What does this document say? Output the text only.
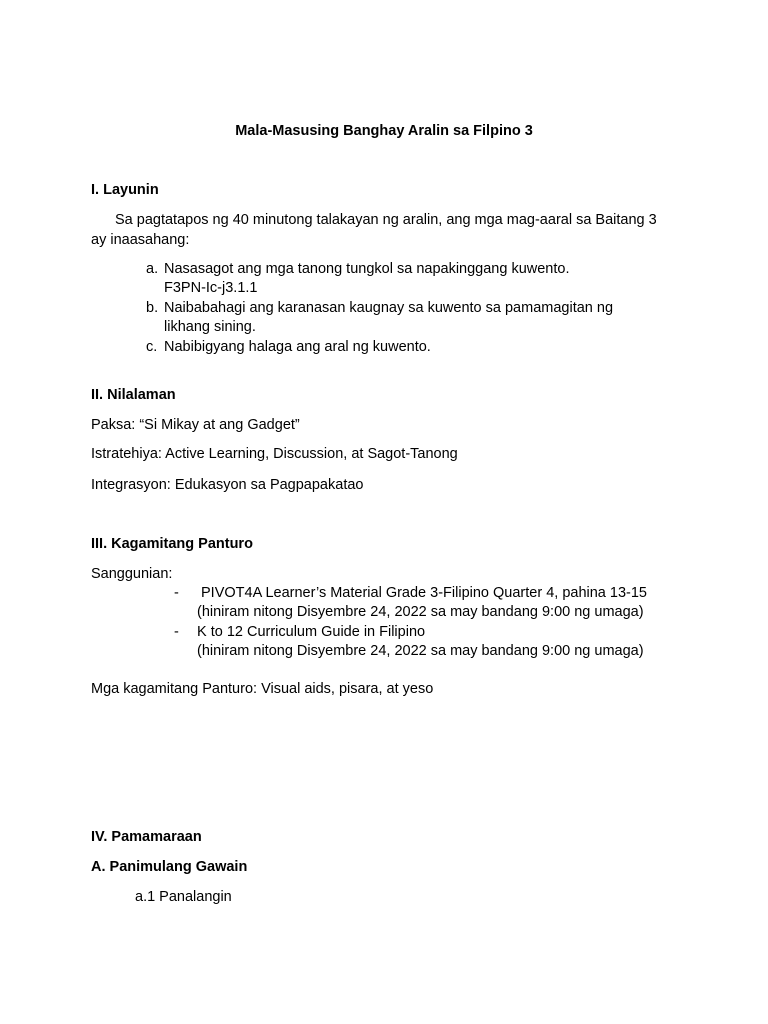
Mala-Masusing Banghay Aralin sa Filpino 3
I. Layunin
Sa pagtatapos ng 40 minutong talakayan ng aralin, ang mga mag-aaral sa Baitang 3
ay inaasahang:
a. Nasasagot ang mga tanong tungkol sa napakinggang kuwento.
F3PN-Ic-j3.1.1
b. Naibabahagi ang karanasan kaugnay sa kuwento sa pamamagitan ng
likhang sining.
c. Nabibigyang halaga ang aral ng kuwento.
II. Nilalaman
Paksa: “Si Mikay at ang Gadget”
Istratehiya: Active Learning, Discussion, at Sagot-Tanong
Integrasyon: Edukasyon sa Pagpapakatao
III. Kagamitang Panturo
Sanggunian:
- PIVOT4A Learner’s Material Grade 3-Filipino Quarter 4, pahina 13-15
(hiniram nitong Disyembre 24, 2022 sa may bandang 9:00 ng umaga)
- K to 12 Curriculum Guide in Filipino
(hiniram nitong Disyembre 24, 2022 sa may bandang 9:00 ng umaga)
Mga kagamitang Panturo: Visual aids, pisara, at yeso
IV. Pamamaraan
A. Panimulang Gawain
a.1 Panalangin
